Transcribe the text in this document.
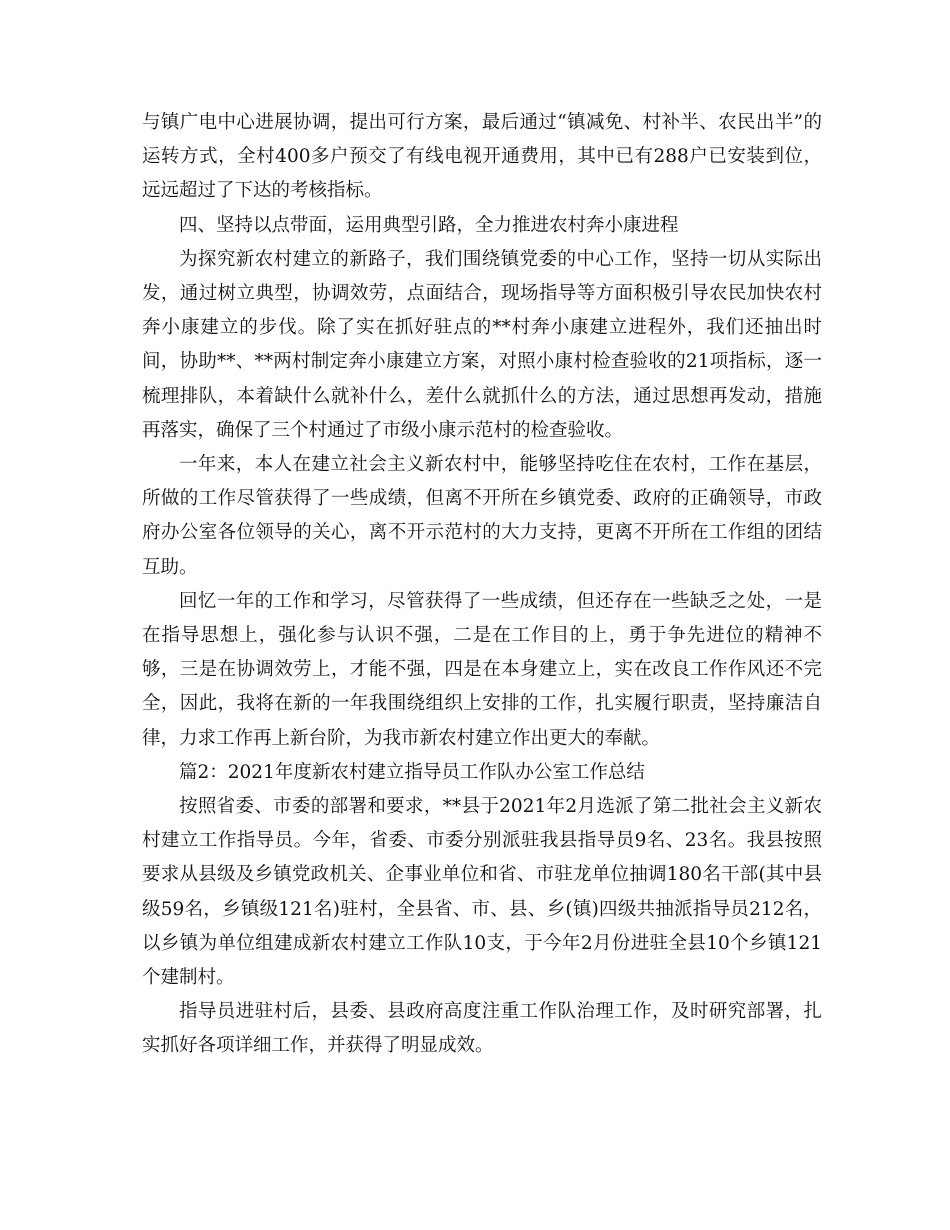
与镇广电中心进展协调，提出可行方案，最后通过“镇减免、村补半、农民出半”的运转方式，全村400多户预交了有线电视开通费用，其中已有288户已安装到位，远远超过了下达的考核指标。

四、坚持以点带面，运用典型引路，全力推进农村奔小康进程

为探究新农村建立的新路子，我们围绕镇党委的中心工作，坚持一切从实际出发，通过树立典型，协调效劳，点面结合，现场指导等方面积极引导农民加快农村奔小康建立的步伐。除了实在抓好驻点的**村奔小康建立进程外，我们还抽出时间，协助**、**两村制定奔小康建立方案，对照小康村检查验收的21项指标，逐一梳理排队，本着缺什么就补什么，差什么就抓什么的方法，通过思想再发动，措施再落实，确保了三个村通过了市级小康示范村的检查验收。

一年来，本人在建立社会主义新农村中，能够坚持吃住在农村，工作在基层，所做的工作尽管获得了一些成绩，但离不开所在乡镇党委、政府的正确领导，市政府办公室各位领导的关心，离不开示范村的大力支持，更离不开所在工作组的团结互助。

回忆一年的工作和学习，尽管获得了一些成绩，但还存在一些缺乏之处，一是在指导思想上，强化参与认识不强，二是在工作目的上，勇于争先进位的精神不够，三是在协调效劳上，才能不强，四是在本身建立上，实在改良工作作风还不完全，因此，我将在新的一年我围绕组织上安排的工作，扎实履行职责，坚持廉洁自律，力求工作再上新台阶，为我市新农村建立作出更大的奉献。

篇2：2021年度新农村建立指导员工作队办公室工作总结

按照省委、市委的部署和要求，**县于2021年2月选派了第二批社会主义新农村建立工作指导员。今年，省委、市委分别派驻我县指导员9名、23名。我县按照要求从县级及乡镇党政机关、企事业单位和省、市驻龙单位抽调180名干部(其中县级59名，乡镇级121名)驻村，全县省、市、县、乡(镇)四级共抽派指导员212名，以乡镇为单位组建成新农村建立工作队10支，于今年2月份进驻全县10个乡镇121个建制村。

指导员进驻村后，县委、县政府高度注重工作队治理工作，及时研究部署，扎实抓好各项详细工作，并获得了明显成效。
